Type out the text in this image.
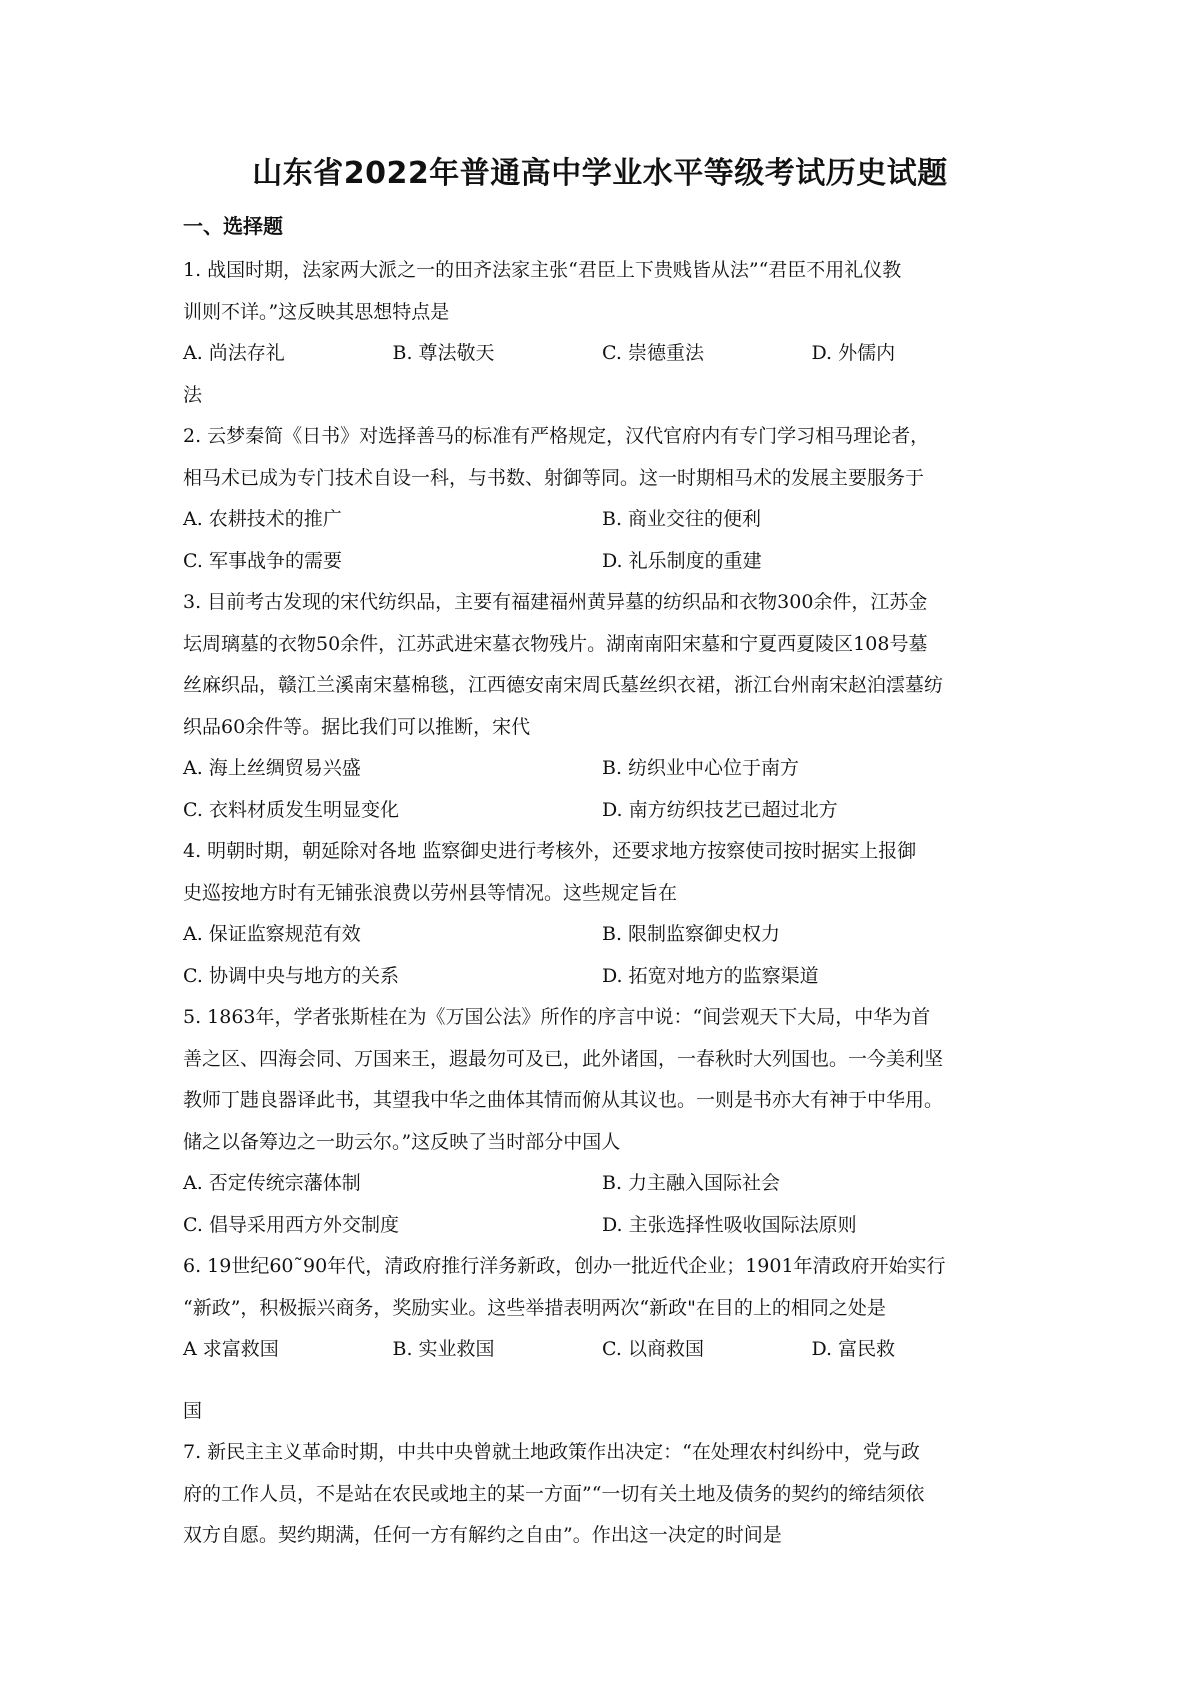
山东省2022年普通高中学业水平等级考试历史试题
一、选择题

1. 战国时期，法家两大派之一的田齐法家主张“君臣上下贵贱皆从法”“君臣不用礼仪教

训则不详。”这反映其思想特点是

A. 尚法存礼	B. 尊法敬天	C. 崇德重法	D. 外儒内
法

2. 云梦秦简《日书》对选择善马的标准有严格规定，汉代官府内有专门学习相马理论者，

相马术已成为专门技术自设一科，与书数、射御等同。这一时期相马术的发展主要服务于

A. 农耕技术的推广	B. 商业交往的便利
C. 军事战争的需要	D. 礼乐制度的重建

3. 目前考古发现的宋代纺织品，主要有福建福州黄异墓的纺织品和衣物300余件，江苏金

坛周璃墓的衣物50余件，江苏武进宋墓衣物残片。湖南南阳宋墓和宁夏西夏陵区108号墓

丝麻织品，赣江兰溪南宋墓棉毯，江西德安南宋周氏墓丝织衣裙，浙江台州南宋赵泊澐墓纺

织品60余件等。据比我们可以推断，宋代

A. 海上丝绸贸易兴盛	B. 纺织业中心位于南方
C. 衣料材质发生明显变化	D. 南方纺织技艺已超过北方

4. 明朝时期，朝延除对各地 监察御史进行考核外，还要求地方按察使司按时据实上报御

史巡按地方时有无铺张浪费以劳州县等情况。这些规定旨在

A. 保证监察规范有效	B. 限制监察御史权力
C. 协调中央与地方的关系	D. 拓宽对地方的监察渠道

5. 1863年，学者张斯桂在为《万国公法》所作的序言中说：“间尝观天下大局，中华为首

善之区、四海会同、万国来王，遐最勿可及已，此外诸国，一春秋时大列国也。一今美利坚

教师丁韪良器译此书，其望我中华之曲体其情而俯从其议也。一则是书亦大有神于中华用。

储之以备筹边之一助云尔。”这反映了当时部分中国人

A. 否定传统宗藩体制	B. 力主融入国际社会
C. 倡导采用西方外交制度	D. 主张选择性吸收国际法原则

6. 19世纪60˜90年代，清政府推行洋务新政，创办一批近代企业；1901年清政府开始实行

“新政”，积极振兴商务，奖励实业。这些举措表明两次“新政"在目的上的相同之处是

A 求富救国	B. 实业救国	C. 以商救国	D. 富民救
国

7. 新民主主义革命时期，中共中央曾就土地政策作出决定：“在处理农村纠纷中，党与政

府的工作人员，不是站在农民或地主的某一方面”“一切有关土地及债务的契约的缔结须依

双方自愿。契约期满，任何一方有解约之自由”。作出这一决定的时间是
